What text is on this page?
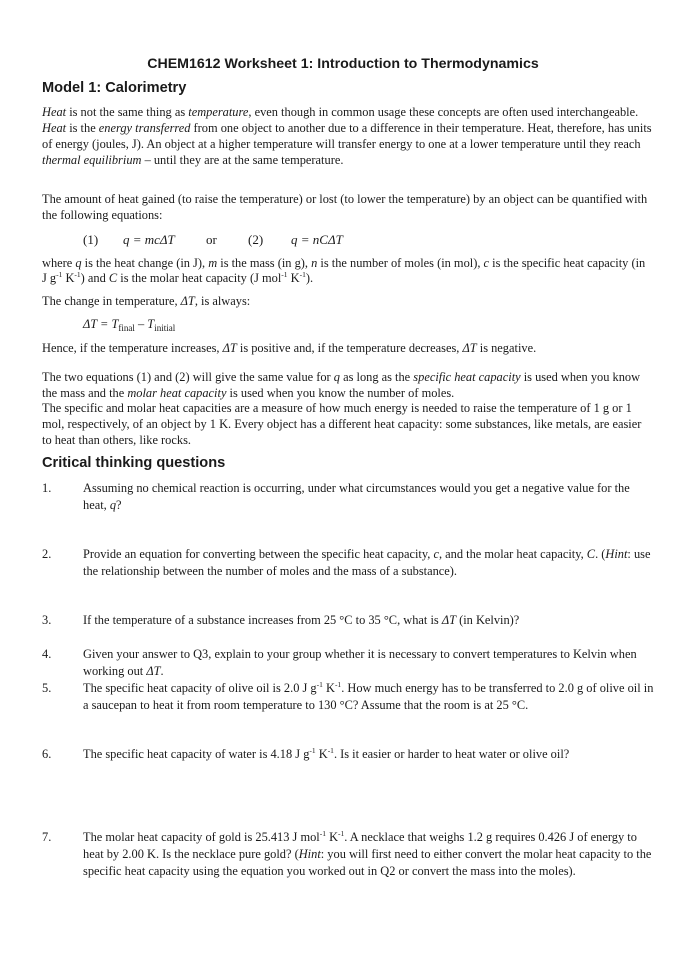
CHEM1612 Worksheet 1: Introduction to Thermodynamics
Model 1: Calorimetry
Heat is not the same thing as temperature, even though in common usage these concepts are often used interchangeable. Heat is the energy transferred from one object to another due to a difference in their temperature. Heat, therefore, has units of energy (joules, J). An object at a higher temperature will transfer energy to one at a lower temperature until they reach thermal equilibrium – until they are at the same temperature.
The amount of heat gained (to raise the temperature) or lost (to lower the temperature) by an object can be quantified with the following equations:
(1) q = mcΔT or (2) q = nCΔT
where q is the heat change (in J), m is the mass (in g), n is the number of moles (in mol), c is the specific heat capacity (in J $g^{-1}$ $K^{-1}$) and C is the molar heat capacity (J mol$^{-1}$ $K^{-1}$).
The change in temperature, ΔT, is always:
$\Delta T = T_{final} - T_{initial}$
Hence, if the temperature increases, ΔT is positive and, if the temperature decreases, ΔT is negative.
The two equations (1) and (2) will give the same value for q as long as the specific heat capacity is used when you know the mass and the molar heat capacity is used when you know the number of moles.
The specific and molar heat capacities are a measure of how much energy is needed to raise the temperature of 1 g or 1 mol, respectively, of an object by 1 K. Every object has a different heat capacity: some substances, like metals, are easier to heat than others, like rocks.
Critical thinking questions
1.	Assuming no chemical reaction is occurring, under what circumstances would you get a negative value for the heat, q?
2.	Provide an equation for converting between the specific heat capacity, c, and the molar heat capacity, C. (Hint: use the relationship between the number of moles and the mass of a substance).
3.	If the temperature of a substance increases from 25 °C to 35 °C, what is ΔT (in Kelvin)?
4.	Given your answer to Q3, explain to your group whether it is necessary to convert temperatures to Kelvin when working out ΔT.
5.	The specific heat capacity of olive oil is 2.0 J $g^{-1}$ $K^{-1}$. How much energy has to be transferred to 2.0 g of olive oil in a saucepan to heat it from room temperature to 130 °C? Assume that the room is at 25 °C.
6.	The specific heat capacity of water is 4.18 J $g^{-1}$ $K^{-1}$. Is it easier or harder to heat water or olive oil?
7.	The molar heat capacity of gold is 25.413 J mol$^{-1}$ $K^{-1}$. A necklace that weighs 1.2 g requires 0.426 J of energy to heat by 2.00 K. Is the necklace pure gold? (Hint: you will first need to either convert the molar heat capacity to the specific heat capacity using the equation you worked out in Q2 or convert the mass into the moles).
